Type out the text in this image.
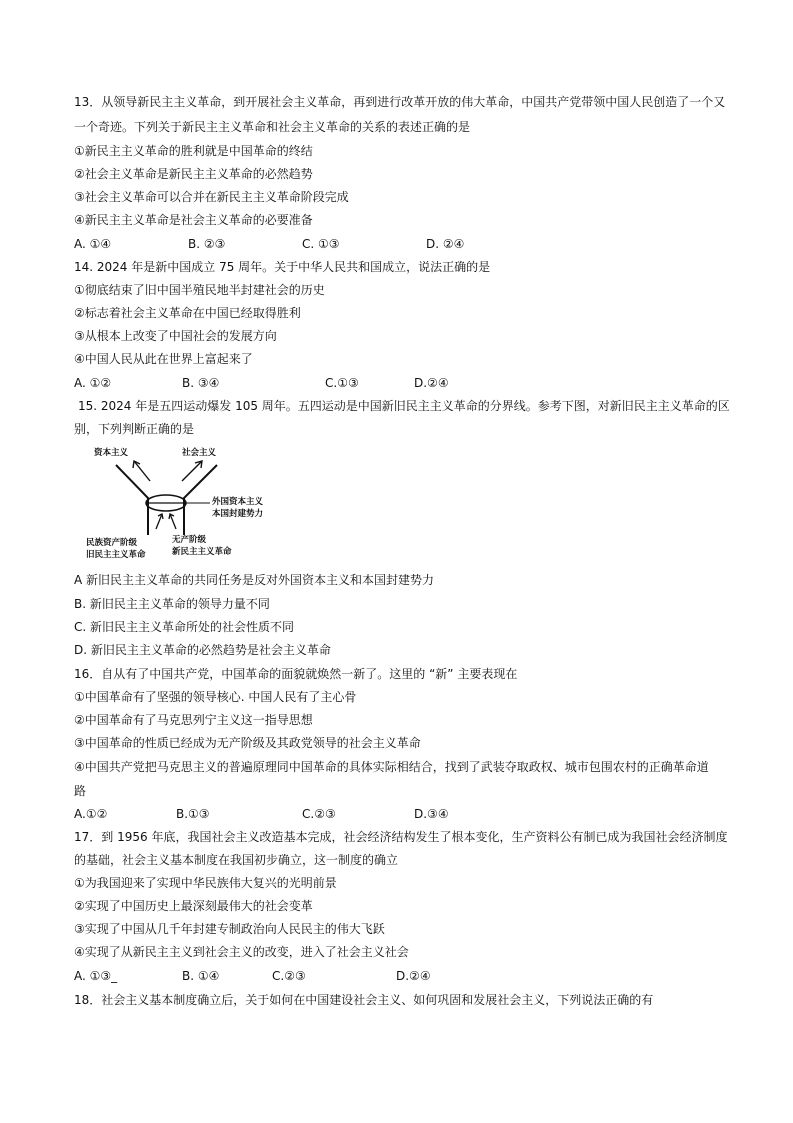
13．从领导新民主主义革命，到开展社会主义革命，再到进行改革开放的伟大革命，中国共产党带领中国人民创造了一个又
一个奇迹。下列关于新民主主义革命和社会主义革命的关系的表述正确的是
①新民主主义革命的胜利就是中国革命的终结
②社会主义革命是新民主主义革命的必然趋势
③社会主义革命可以合并在新民主主义革命阶段完成
④新民主主义革命是社会主义革命的必要准备
A. ①④	B. ②③	C. ①③	D. ②④
14. 2024 年是新中国成立 75 周年。关于中华人民共和国成立，说法正确的是
①彻底结束了旧中国半殖民地半封建社会的历史
②标志着社会主义革命在中国已经取得胜利
③从根本上改变了中国社会的发展方向
④中国人民从此在世界上富起来了
A. ①②	B. ③④	C.①③	D.②④
15. 2024 年是五四运动爆发 105 周年。五四运动是中国新旧民主主义革命的分界线。参考下图，对新旧民主主义革命的区
别，下列判断正确的是
资本主义	社会主义
外国资本主义
本国封建势力
民族资产阶级
旧民主主义革命
无产阶级
新民主主义革命
A 新旧民主主义革命的共同任务是反对外国资本主义和本国封建势力
B. 新旧民主主义革命的领导力量不同
C. 新旧民主主义革命所处的社会性质不同
D. 新旧民主主义革命的必然趋势是社会主义革命
16．自从有了中国共产党，中国革命的面貌就焕然一新了。这里的 “新” 主要表现在
①中国革命有了坚强的领导核心. 中国人民有了主心骨
②中国革命有了马克思列宁主义这一指导思想
③中国革命的性质已经成为无产阶级及其政党领导的社会主义革命
④中国共产党把马克思主义的普遍原理同中国革命的具体实际相结合，找到了武装夺取政权、城市包围农村的正确革命道
路
A.①②	B.①③	C.②③	D.③④
17．到 1956 年底，我国社会主义改造基本完成，社会经济结构发生了根本变化，生产资料公有制已成为我国社会经济制度
的基础，社会主义基本制度在我国初步确立，这一制度的确立
①为我国迎来了实现中华民族伟大复兴的光明前景
②实现了中国历史上最深刻最伟大的社会变革
③实现了中国从几千年封建专制政治向人民民主的伟大飞跃
④实现了从新民主主义到社会主义的改变，进入了社会主义社会
A. ①③_	B. ①④	C.②③	D.②④
18．社会主义基本制度确立后，关于如何在中国建设社会主义、如何巩固和发展社会主义，下列说法正确的有
